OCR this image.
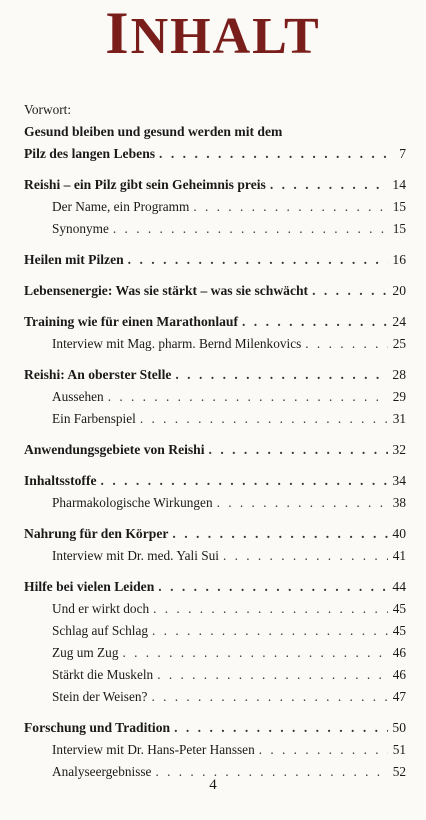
INHALT
Vorwort:
Gesund bleiben und gesund werden mit dem
Pilz des langen Lebens . . .	7
Reishi – ein Pilz gibt sein Geheimnis preis . . .	14
Der Name, ein Programm . . .	15
Synonyme . . .	15
Heilen mit Pilzen . . .	16
Lebensenergie: Was sie stärkt – was sie schwächt . . .	20
Training wie für einen Marathonlauf . . .	24
Interview mit Mag. pharm. Bernd Milenkovics . . .	25
Reishi: An oberster Stelle . . .	28
Aussehen . . .	29
Ein Farbenspiel . . .	31
Anwendungsgebiete von Reishi . . .	32
Inhaltsstoffe . . .	34
Pharmakologische Wirkungen . . .	38
Nahrung für den Körper . . .	40
Interview mit Dr. med. Yali Sui . . .	41
Hilfe bei vielen Leiden . . .	44
Und er wirkt doch . . .	45
Schlag auf Schlag . . .	45
Zug um Zug . . .	46
Stärkt die Muskeln . . .	46
Stein der Weisen? . . .	47
Forschung und Tradition . . .	50
Interview mit Dr. Hans-Peter Hanssen . . .	51
Analyseergebnisse . . .	52
4
